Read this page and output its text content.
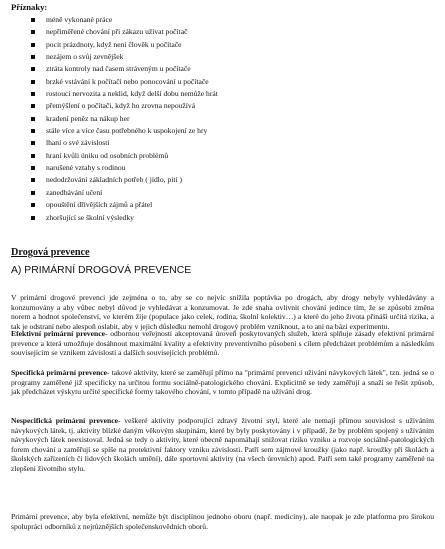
Příznaky:
méně vykonané práce
nepřiměřené chování při zákazu užívat počítač
pocit prázdnoty, když není člověk u počítače
nezájem o svůj zevnějšek
ztráta kontroly nad časem stráveným u počítače
brzké vstávání k počítači nebo ponocování u počítače
rostoucí nervozita a neklid, když delší dobu nemůže hrát
přemýšlení o počítači, když ho zrovna nepoužívá
kradení peněz na nákup her
stále více a více času potřebného k uspokojení ze hry
lhaní o své závislosti
hraní kvůli úniku od osobních problémů
narušené vztahy s rodinou
nedodržování základních potřeb ( jídlo, pití )
zanedbávání učení
opouštění dřívějších zájmů a přátel
zhoršující se školní výsledky
Drogová prevence
A) PRIMÁRNÍ DROGOVÁ PREVENCE

V primární drogové prevenci jde zejména o to, aby se co nejvíc snížila poptávka po drogách, aby drogy nebyly vyhledávány a konzumovány a aby vůbec nebyl důvod je vyhledávat a konzumovat. Je zde snaha ovlivnit chování jedince tím, že se způsobí změna norem a hodnot společenství, ve kterém žije (populace jako celek, rodina, školní kolektiv…) a které do jeho života přináší určitá rizika, a tak je odstraní nebo alespoň oslabit, aby v jejich důsledku nemohl drogový problém vzniknout, a to ani na bázi experimentu.

Efektivní primární prevence- odbornou veřejností akceptovaná úroveň poskytovaných služeb, která splňuje zásady efektivní primární prevence a která umožňuje dosáhnout maximální kvality a efektivity preventivního působení s cílem předcházet problémům a následkům souvisejícím se vznikem závislostí a dalších souvisejících problémů.

Specifická primární prevence- takové aktivity, které se zaměřují přímo na "primární prevenci užívání návykových látek", tzn. jedná se o programy zaměřené již specificky na určitou formu sociálně-patologického chování. Explicitně se tedy zaměřují a snaží se řešit způsob, jak předcházet výskytu určité specifické formy takového chování, v tomto případě na užívání drog.

Nespecifická primární prevence- veškeré aktivity podporující zdravý životní styl, které ale nemají přímou souvislost s užíváním návykových látek, tj. aktivity blízké daným věkovým skupinám, které by byly poskytovány i v případě, že by problém spojený s užíváním návykových látek neexistoval. Jedná se tedy o aktivity, které obecně napomáhají snižovat riziko vzniku a rozvoje sociálně-patologických forem chování a zaměřují se spíše na protektivní faktory vzniku závislosti. Patří sem zájmové kroužky (jako např. kroužky při školách a školských zařízeních či lidových školách umění), dále sportovní aktivity (na všech úrovních) apod. Patří sem také programy zaměřené na zlepšení životního stylu.

Primární prevence, aby byla efektivní, nemůže být disciplínou jednoho oboru (např. medicíny), ale naopak je zde platforma pro širokou spolupráci odborníků z nejrůznějších společenskovědních oborů.
